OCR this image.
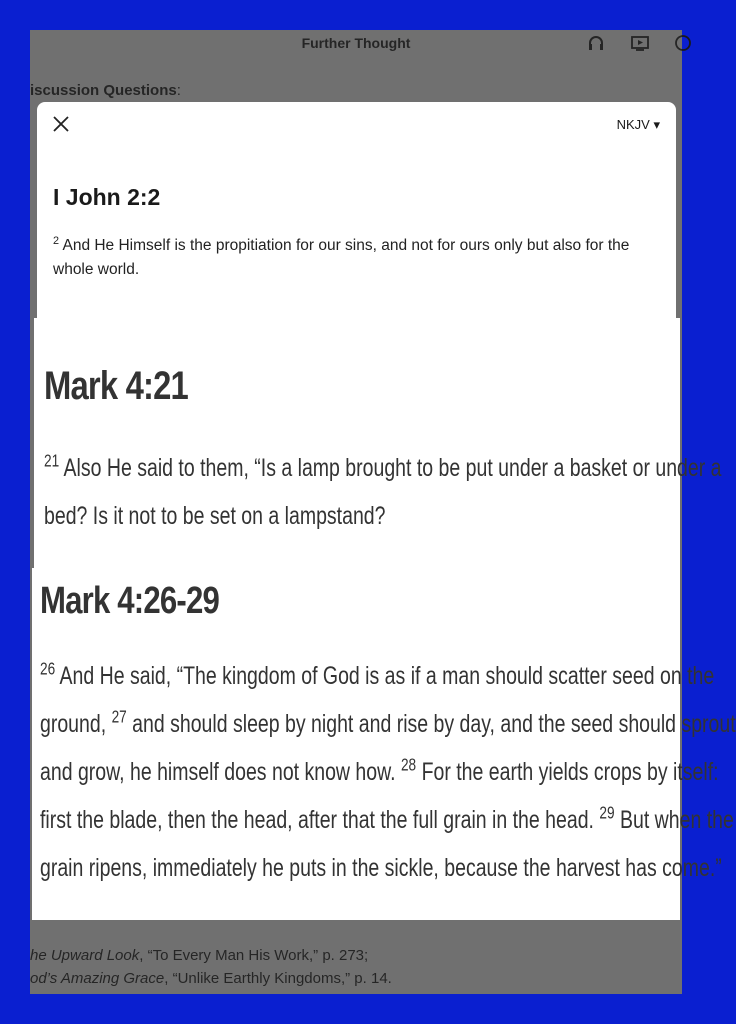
Further Thought
iscussion Questions:
he Upward Look, “To Every Man His Work,” p. 273;
od’s Amazing Grace, “Unlike Earthly Kingdoms,” p. 14.
NKJV ▾
I John 2:2
$^2$ And He Himself is the propitiation for our sins, and not for ours only but also for the whole world.
Mark 4:21
$^{21}$ Also He said to them, “Is a lamp brought to be put under a basket or under a
bed? Is it not to be set on a lampstand?
Mark 4:26-29
$^{26}$ And He said, “The kingdom of God is as if a man should scatter seed on the
ground, $^{27}$ and should sleep by night and rise by day, and the seed should sprout
and grow, he himself does not know how. $^{28}$ For the earth yields crops by itself:
first the blade, then the head, after that the full grain in the head. $^{29}$ But when the
grain ripens, immediately he puts in the sickle, because the harvest has come.”
